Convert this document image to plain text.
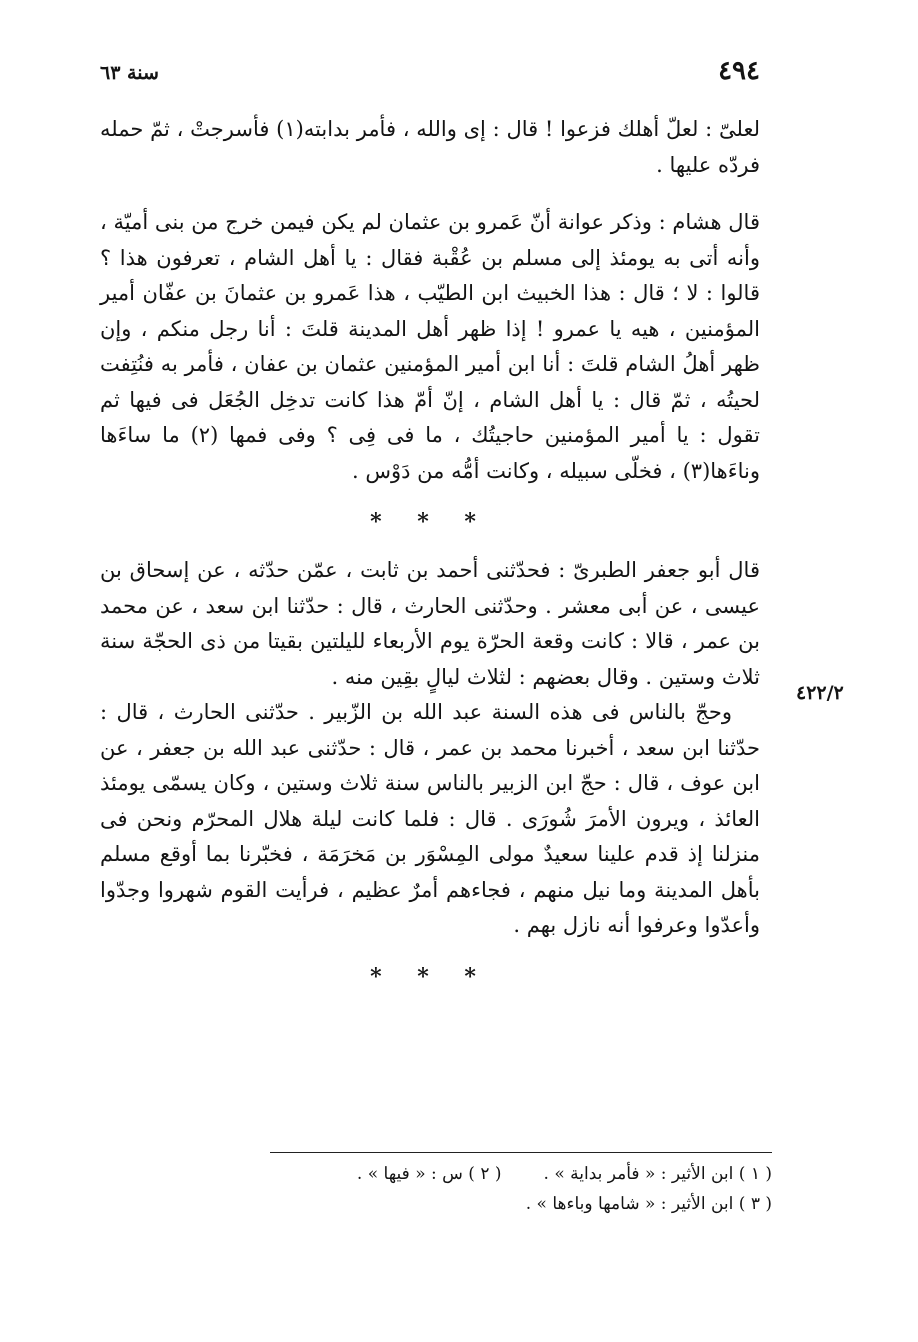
٤٩٤
سنة ٦٣
٤٢٢/٢

لعلىّ : لعلّ أهلك فزعوا ! قال : إى والله ، فأمر بدابته(١) فأسرجتْ ، ثمّ حمله فردّه عليها .

قال هشام : وذكر عوانة أنّ عَمرو بن عثمان لم يكن فيمن خرج من بنى أميّة ، وأنه أتى به يومئذ إلى مسلم بن عُقْبة فقال : يا أهل الشام ، تعرفون هذا ؟ قالوا : لا ؛ قال : هذا الخبيث ابن الطيّب ، هذا عَمرو بن عثمانَ بن عفّان أمير المؤمنين ، هيه يا عمرو ! إذا ظهر أهل المدينة قلتَ : أنا رجل منكم ، وإن ظهر أهلُ الشام قلتَ : أنا ابن أمير المؤمنين عثمان بن عفان ، فأمر به فنُتِفت لحيتُه ، ثمّ قال : يا أهل الشام ، إنّ أمّ هذا كانت تدخِل الجُعَل فى فيها ثم تقول : يا أمير المؤمنين حاجيتُك ، ما فى فِى ؟ وفى فمها (٢) ما ساءَها وناءَها(٣) ، فخلّى سبيله ، وكانت أمُّه من دَوْس .

* * *

قال أبو جعفر الطبرىّ : فحدّثنى أحمد بن ثابت ، عمّن حدّثه ، عن إسحاق بن عيسى ، عن أبى معشر . وحدّثنى الحارث ، قال : حدّثنا ابن سعد ، عن محمد بن عمر ، قالا : كانت وقعة الحرّة يوم الأربعاء لليلتين بقيتا من ذى الحجّة سنة ثلاث وستين . وقال بعضهم : لثلاث ليالٍ بقِين منه .

وحجّ بالناس فى هذه السنة عبد الله بن الزّبير . حدّثنى الحارث ، قال : حدّثنا ابن سعد ، أخبرنا محمد بن عمر ، قال : حدّثنى عبد الله بن جعفر ، عن ابن عوف ، قال : حجّ ابن الزبير بالناس سنة ثلاث وستين ، وكان يسمّى يومئذ العائذ ، ويرون الأمرَ شُورَى . قال : فلما كانت ليلة هلال المحرّم ونحن فى منزلنا إذ قدم علينا سعيدٌ مولى المِسْوَر بن مَخرَمَة ، فخبّرنا بما أوقع مسلم بأهل المدينة وما نيل منهم ، فجاءهم أمرٌ عظيم ، فرأيت القوم شهروا وجدّوا وأعدّوا وعرفوا أنه نازل بهم .

* * *
( ١ ) ابن الأثير : « فأمر بداية » .
( ٢ ) س : « فيها » .
( ٣ ) ابن الأثير : « شامها وباءها » .
